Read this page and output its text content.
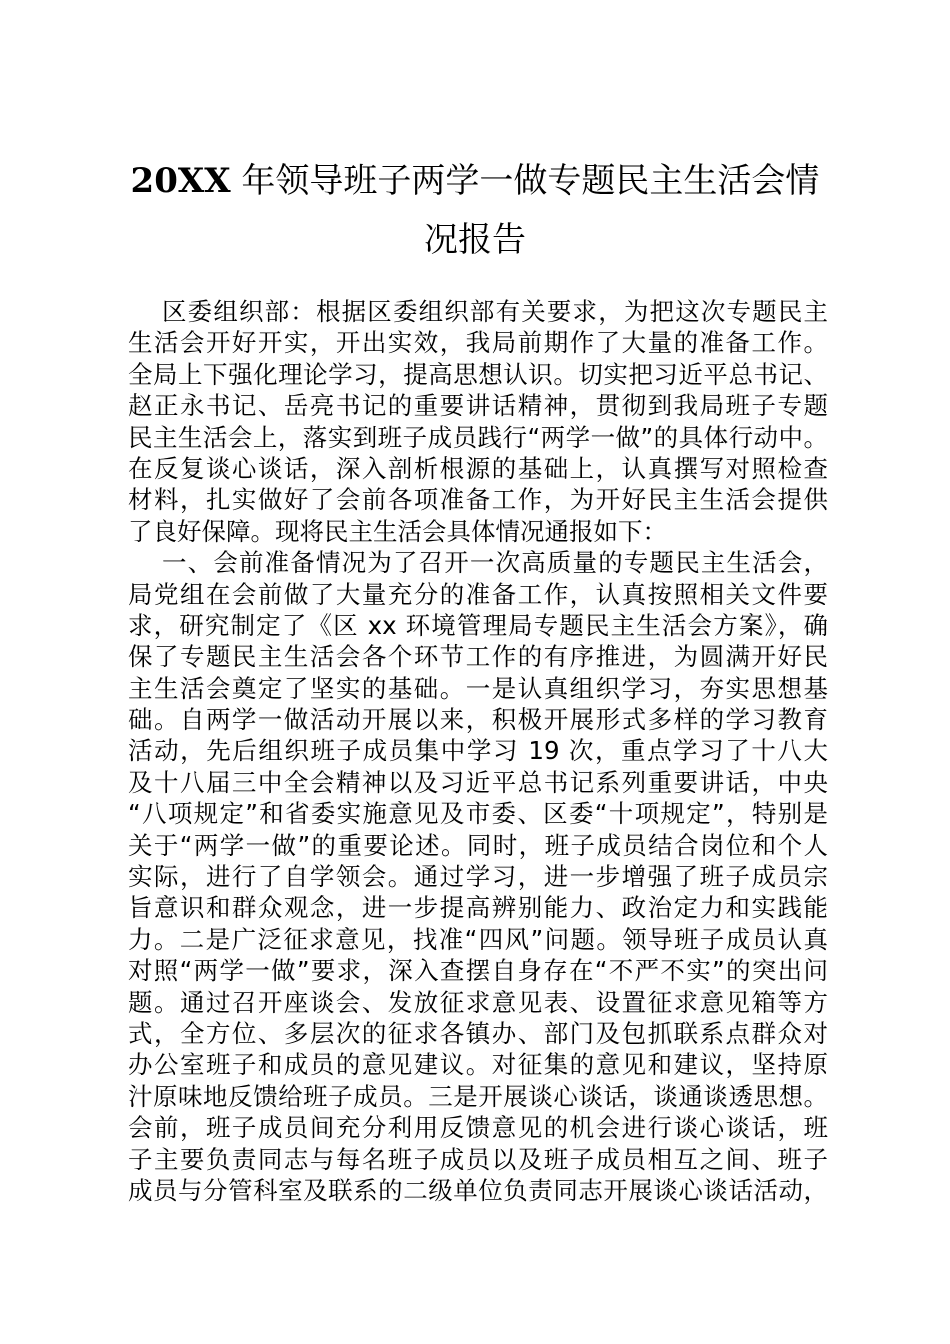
20XX 年领导班子两学一做专题民主生活会情
况报告
区委组织部：根据区委组织部有关要求，为把这次专题民主
生活会开好开实，开出实效，我局前期作了大量的准备工作。
全局上下强化理论学习，提高思想认识。切实把习近平总书记、
赵正永书记、岳亮书记的重要讲话精神，贯彻到我局班子专题
民主生活会上，落实到班子成员践行“两学一做”的具体行动中。
在反复谈心谈话，深入剖析根源的基础上，认真撰写对照检查
材料，扎实做好了会前各项准备工作，为开好民主生活会提供
了良好保障。现将民主生活会具体情况通报如下：
一、会前准备情况为了召开一次高质量的专题民主生活会，
局党组在会前做了大量充分的准备工作，认真按照相关文件要
求，研究制定了《区 xx 环境管理局专题民主生活会方案》，确
保了专题民主生活会各个环节工作的有序推进，为圆满开好民
主生活会奠定了坚实的基础。一是认真组织学习，夯实思想基
础。自两学一做活动开展以来，积极开展形式多样的学习教育
活动，先后组织班子成员集中学习 19 次，重点学习了十八大
及十八届三中全会精神以及习近平总书记系列重要讲话，中央
“八项规定”和省委实施意见及市委、区委“十项规定”，特别是
关于“两学一做”的重要论述。同时，班子成员结合岗位和个人
实际，进行了自学领会。通过学习，进一步增强了班子成员宗
旨意识和群众观念，进一步提高辨别能力、政治定力和实践能
力。二是广泛征求意见，找准“四风”问题。领导班子成员认真
对照“两学一做”要求，深入查摆自身存在“不严不实”的突出问
题。通过召开座谈会、发放征求意见表、设置征求意见箱等方
式，全方位、多层次的征求各镇办、部门及包抓联系点群众对
办公室班子和成员的意见建议。对征集的意见和建议，坚持原
汁原味地反馈给班子成员。三是开展谈心谈话，谈通谈透思想。
会前，班子成员间充分利用反馈意见的机会进行谈心谈话，班
子主要负责同志与每名班子成员以及班子成员相互之间、班子
成员与分管科室及联系的二级单位负责同志开展谈心谈话活动，
